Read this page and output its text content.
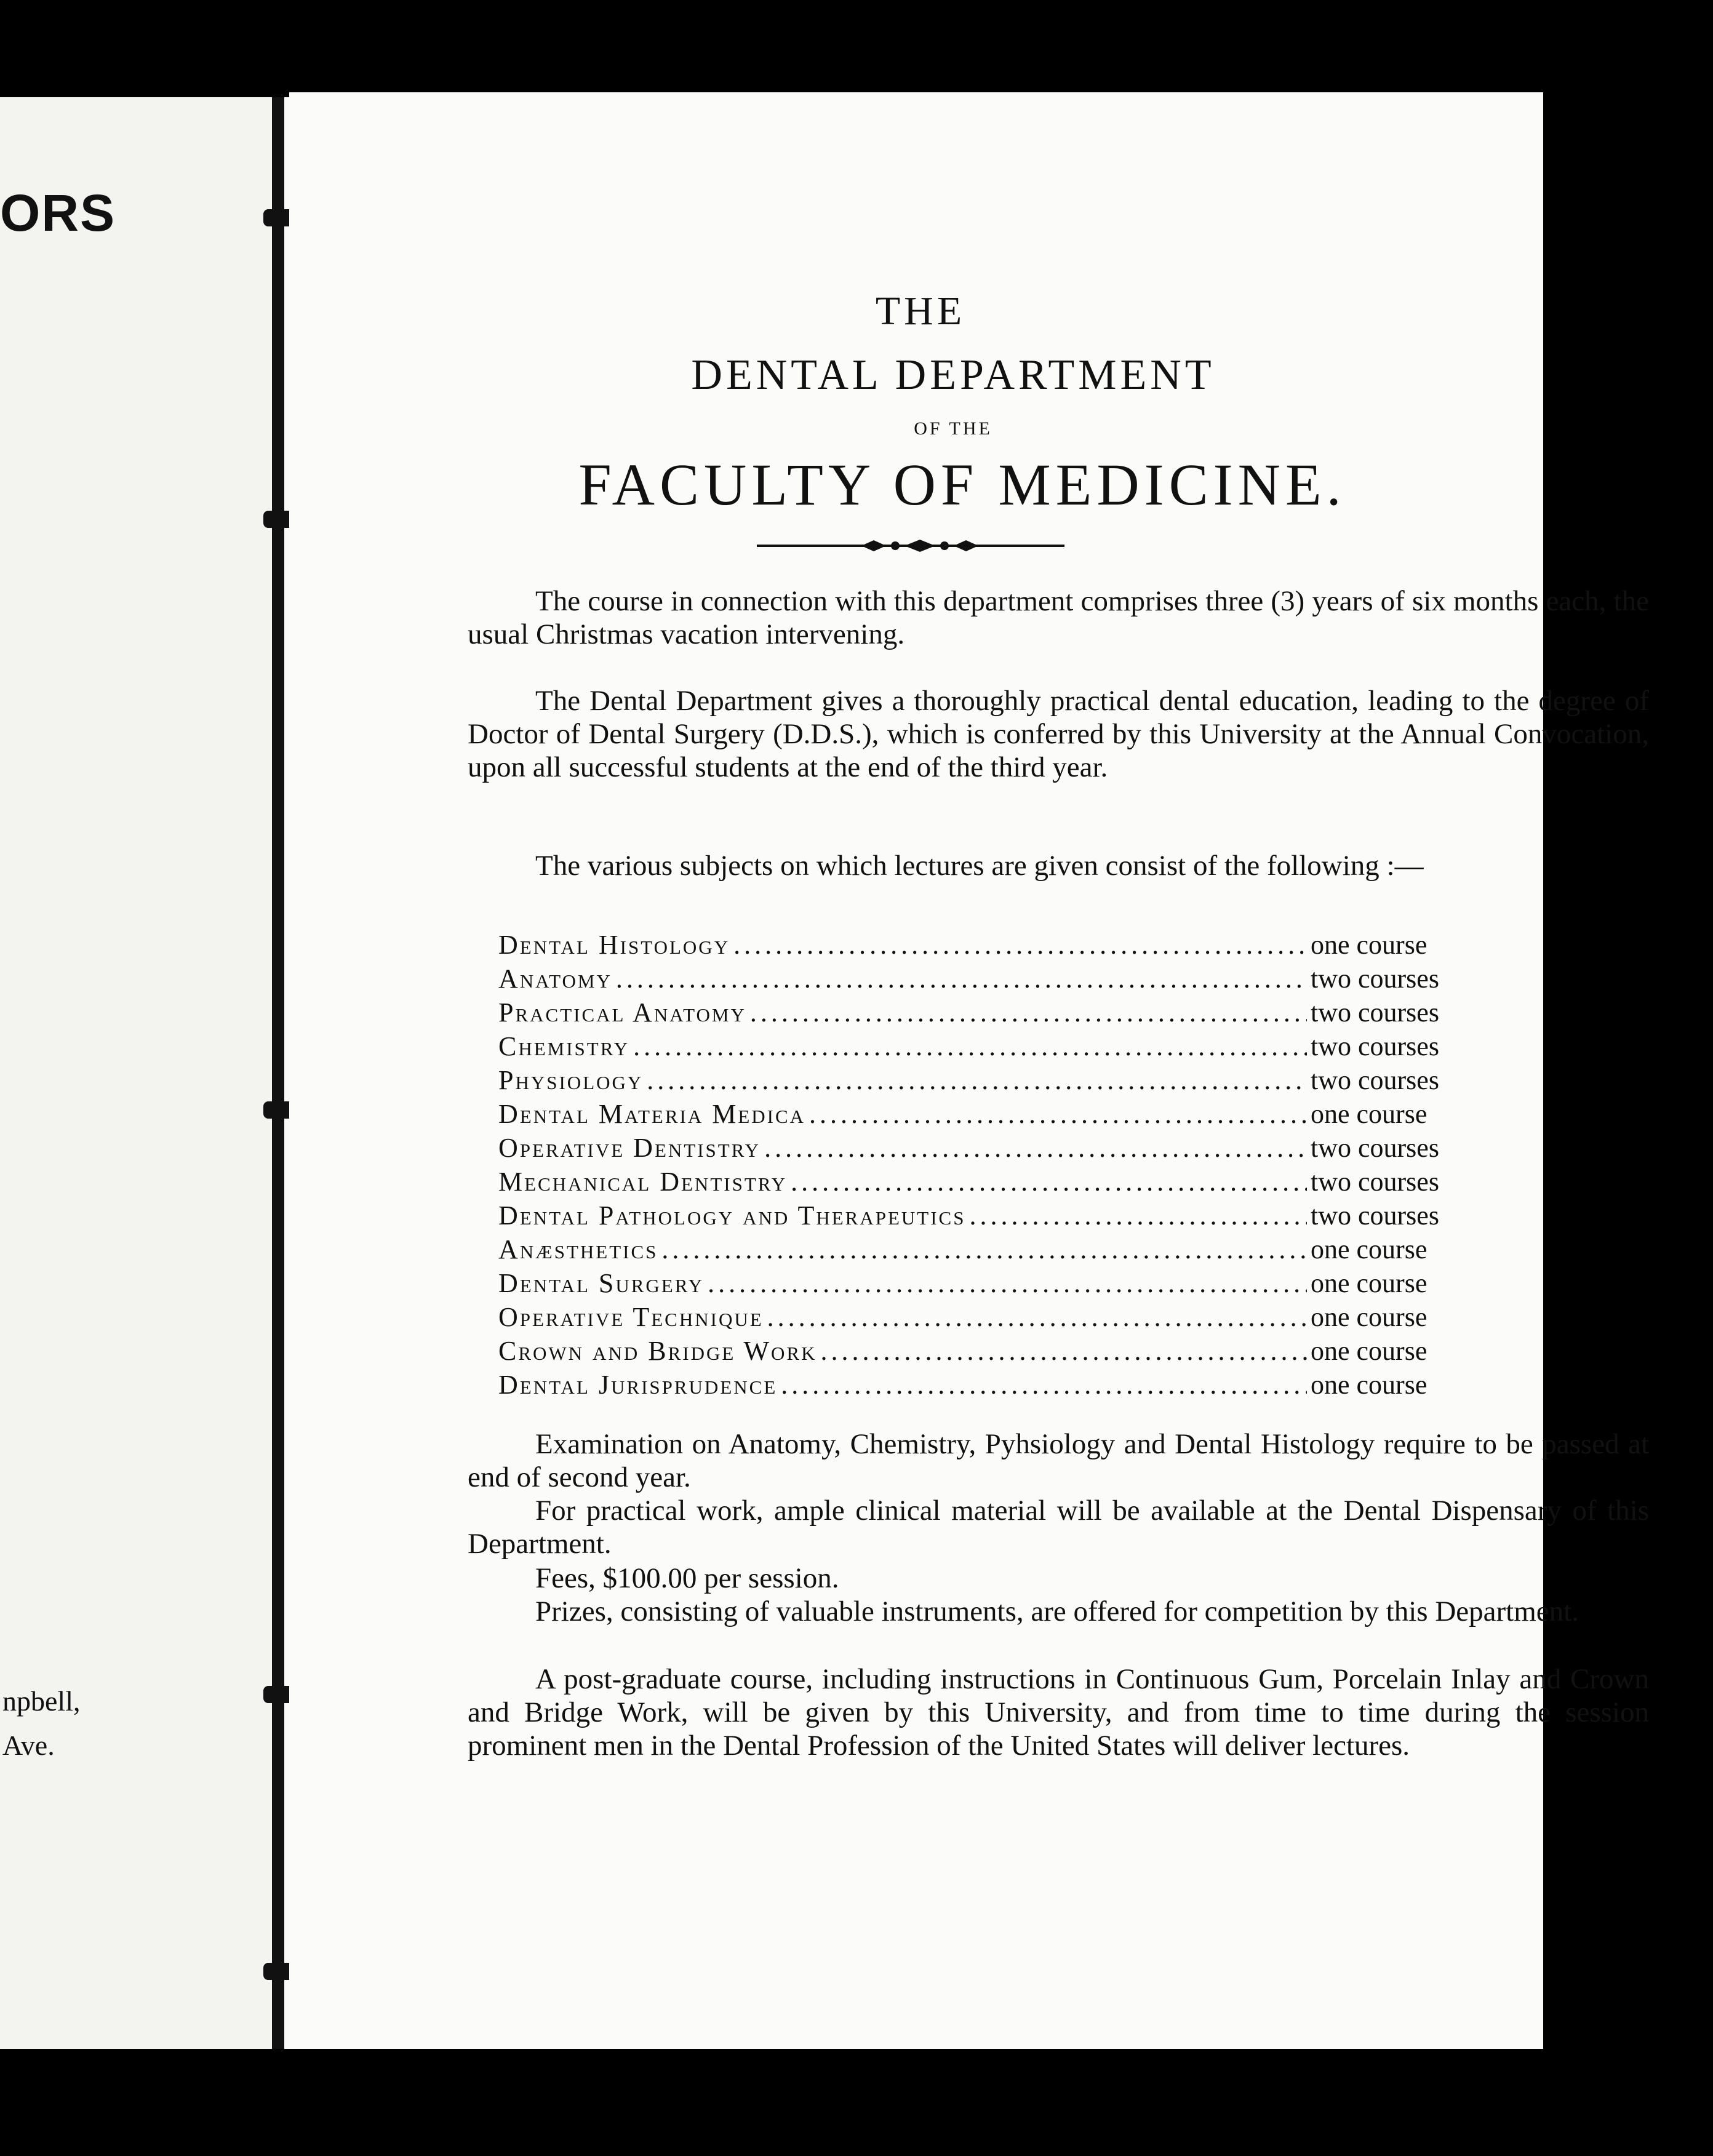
ORS
npbell,
Ave.
THE
DENTAL DEPARTMENT
OF THE
FACULTY OF MEDICINE.
The course in connection with this department comprises three (3) years of six months each, the usual Christmas vacation intervening.
The Dental Department gives a thoroughly practical dental education, leading to the degree of Doctor of Dental Surgery (D.D.S.), which is conferred by this University at the Annual Convocation, upon all successful students at the end of the third year.
The various subjects on which lectures are given consist of the following :—
Dental Histology .....	one course
Anatomy .....	two courses
Practical Anatomy .....	two courses
Chemistry .....	two courses
Physiology .....	two courses
Dental Materia Medica .....	one course
Operative Dentistry .....	two courses
Mechanical Dentistry .....	two courses
Dental Pathology and Therapeutics .....	two courses
Anæsthetics .....	one course
Dental Surgery .....	one course
Operative Technique .....	one course
Crown and Bridge Work .....	one course
Dental Jurisprudence .....	one course
Examination on Anatomy, Chemistry, Pyhsiology and Dental Histology require to be passed at end of second year.
For practical work, ample clinical material will be available at the Dental Dispensary of this Department.
Fees, $100.00 per session.
Prizes, consisting of valuable instruments, are offered for competition by this Department.
A post-graduate course, including instructions in Continuous Gum, Porcelain Inlay and Crown and Bridge Work, will be given by this University, and from time to time during the session prominent men in the Dental Profession of the United States will deliver lectures.
